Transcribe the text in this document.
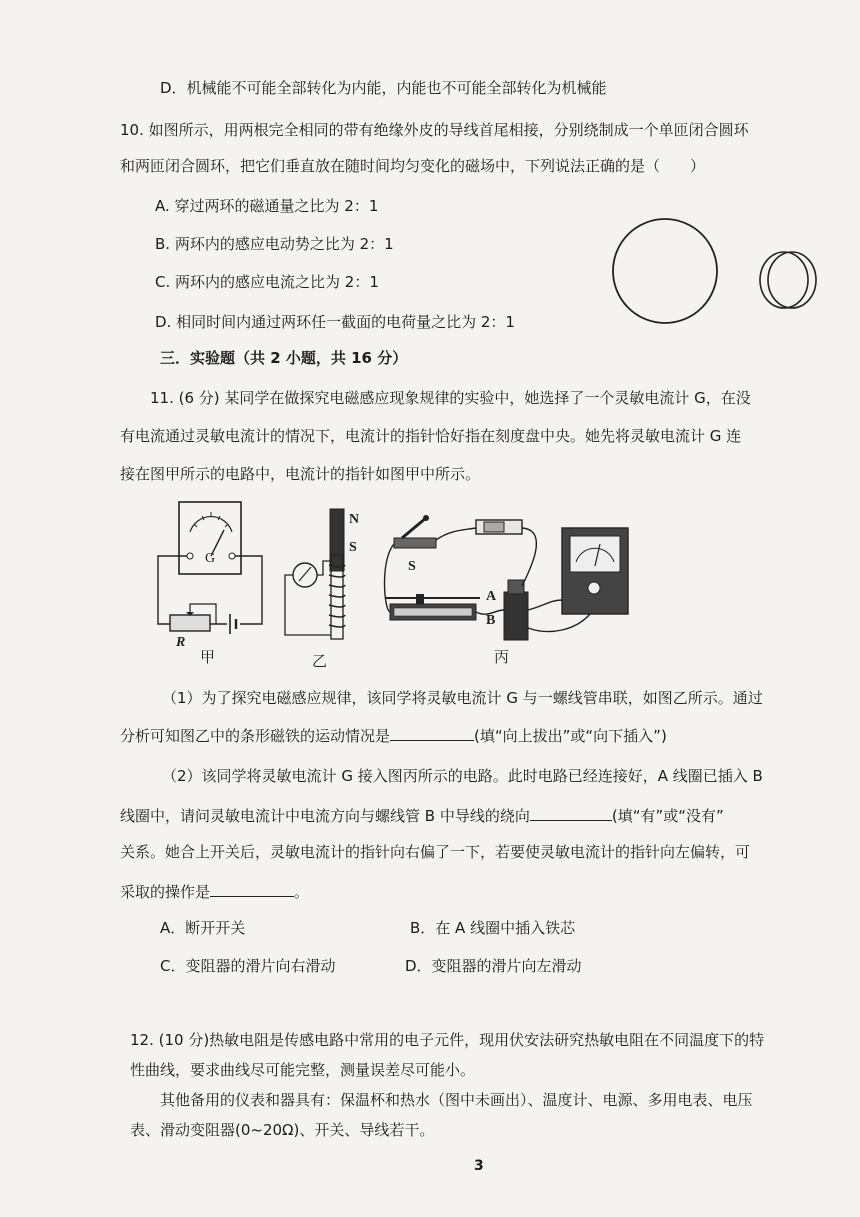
D．机械能不可能全部转化为内能，内能也不可能全部转化为机械能
10. 如图所示，用两根完全相同的带有绝缘外皮的导线首尾相接，分别绕制成一个单匝闭合圆环
和两匝闭合圆环，把它们垂直放在随时间均匀变化的磁场中，下列说法正确的是（　　）
A. 穿过两环的磁通量之比为 2：1
B. 两环内的感应电动势之比为 2：1
C. 两环内的感应电流之比为 2：1
D. 相同时间内通过两环任一截面的电荷量之比为 2：1
三．实验题（共 2 小题，共 16 分）
11. (6 分) 某同学在做探究电磁感应现象规律的实验中，她选择了一个灵敏电流计 G，在没
有电流通过灵敏电流计的情况下，电流计的指针恰好指在刻度盘中央。她先将灵敏电流计 G 连
接在图甲所示的电路中，电流计的指针如图甲中所示。
G
R
甲
N
S
乙
S
A
B
丙
（1）为了探究电磁感应规律，该同学将灵敏电流计 G 与一螺线管串联，如图乙所示。通过
分析可知图乙中的条形磁铁的运动情况是	(填“向上拔出”或“向下插入”)
（2）该同学将灵敏电流计 G 接入图丙所示的电路。此时电路已经连接好，A 线圈已插入 B
线圈中，请问灵敏电流计中电流方向与螺线管 B 中导线的绕向	(填“有”或“没有”
关系。她合上开关后，灵敏电流计的指针向右偏了一下，若要使灵敏电流计的指针向左偏转，可
采取的操作是	。
A．断开开关	B．在 A 线圈中插入铁芯
C．变阻器的滑片向右滑动	D．变阻器的滑片向左滑动
12. (10 分)热敏电阻是传感电路中常用的电子元件，现用伏安法研究热敏电阻在不同温度下的特
性曲线，要求曲线尽可能完整，测量误差尽可能小。
其他备用的仪表和器具有：保温杯和热水（图中未画出）、温度计、电源、多用电表、电压
表、滑动变阻器(0~20Ω)、开关、导线若干。
3
